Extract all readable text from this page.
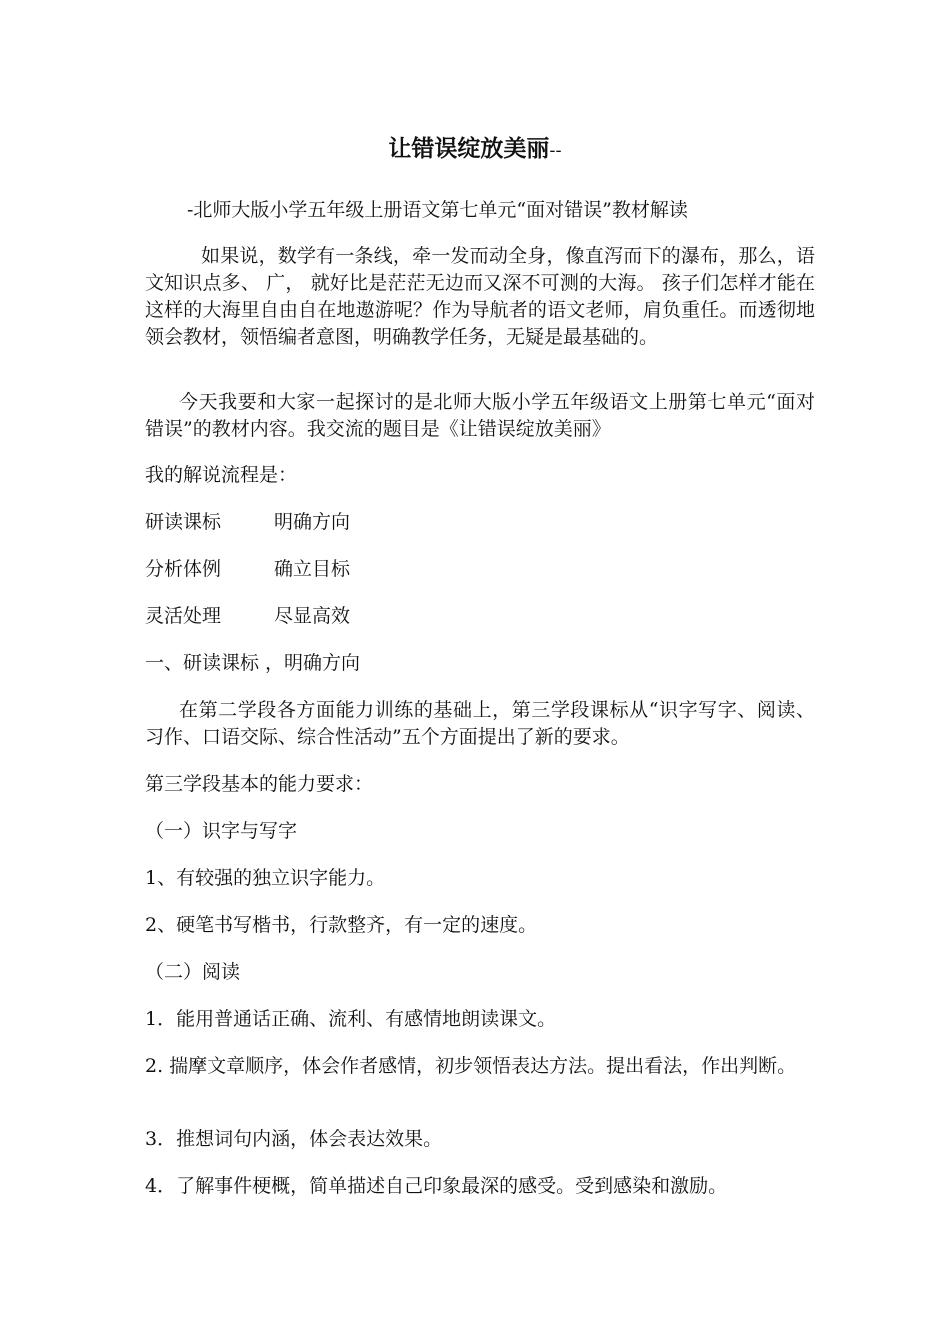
让错误绽放美丽--
-北师大版小学五年级上册语文第七单元“面对错误”教材解读
如果说，数学有一条线，牵一发而动全身，像直泻而下的瀑布，那么，语文知识点多、 广， 就好比是茫茫无边而又深不可测的大海。 孩子们怎样才能在这样的大海里自由自在地遨游呢？作为导航者的语文老师，肩负重任。而透彻地领会教材，领悟编者意图，明确教学任务，无疑是最基础的。
今天我要和大家一起探讨的是北师大版小学五年级语文上册第七单元“面对错误”的教材内容。我交流的题目是《让错误绽放美丽》
我的解说流程是：
研读课标	明确方向
分析体例	确立目标
灵活处理	尽显高效
一、研读课标 ，明确方向
在第二学段各方面能力训练的基础上，第三学段课标从“识字写字、阅读、习作、口语交际、综合性活动”五个方面提出了新的要求。
第三学段基本的能力要求：
（一）识字与写字
1、有较强的独立识字能力。
2、硬笔书写楷书，行款整齐，有一定的速度。
（二）阅读
1．能用普通话正确、流利、有感情地朗读课文。
2. 揣摩文章顺序，体会作者感情，初步领悟表达方法。提出看法，作出判断。
3．推想词句内涵，体会表达效果。
4．了解事件梗概，简单描述自己印象最深的感受。受到感染和激励。
